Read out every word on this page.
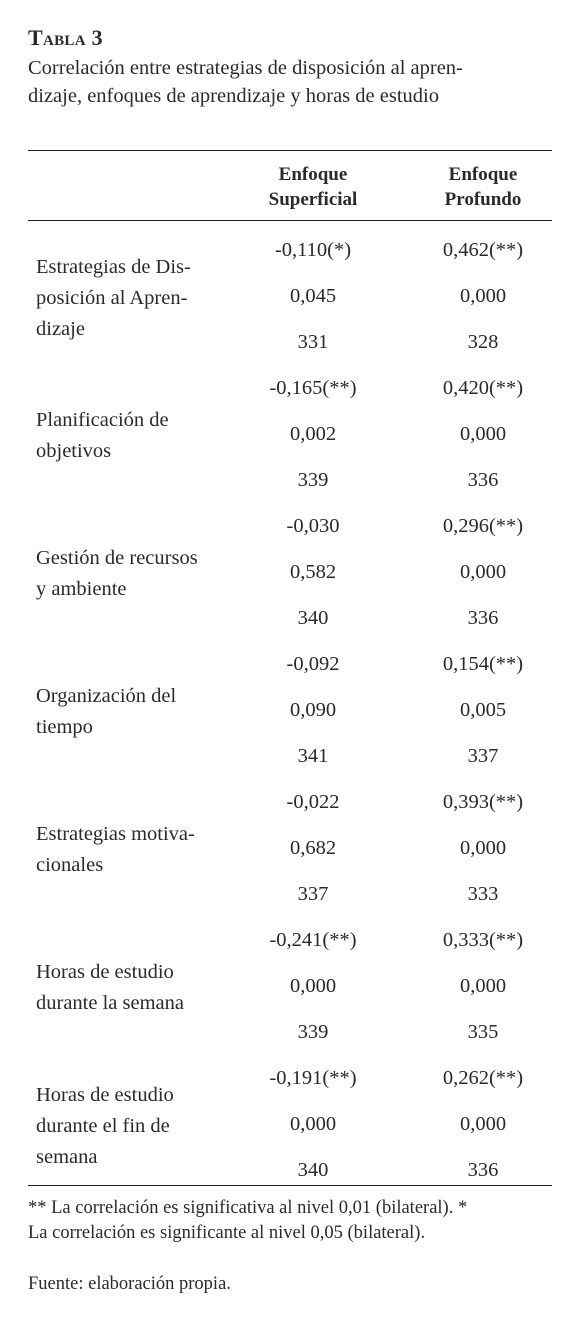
Tabla 3
Correlación entre estrategias de disposición al apren-
dizaje, enfoques de aprendizaje y horas de estudio
Enfoque
Superficial
Enfoque
Profundo
Estrategias de Dis-
posición al Apren-
dizaje
-0,110(*)
0,045
331
0,462(**)
0,000
328
Planificación de
objetivos
-0,165(**)
0,002
339
0,420(**)
0,000
336
Gestión de recursos
y ambiente
-0,030
0,582
340
0,296(**)
0,000
336
Organización del
tiempo
-0,092
0,090
341
0,154(**)
0,005
337
Estrategias motiva-
cionales
-0,022
0,682
337
0,393(**)
0,000
333
Horas de estudio
durante la semana
-0,241(**)
0,000
339
0,333(**)
0,000
335
Horas de estudio
durante el fin de
semana
-0,191(**)
0,000
340
0,262(**)
0,000
336
** La correlación es significativa al nivel 0,01 (bilateral). *
La correlación es significante al nivel 0,05 (bilateral).
Fuente: elaboración propia.
